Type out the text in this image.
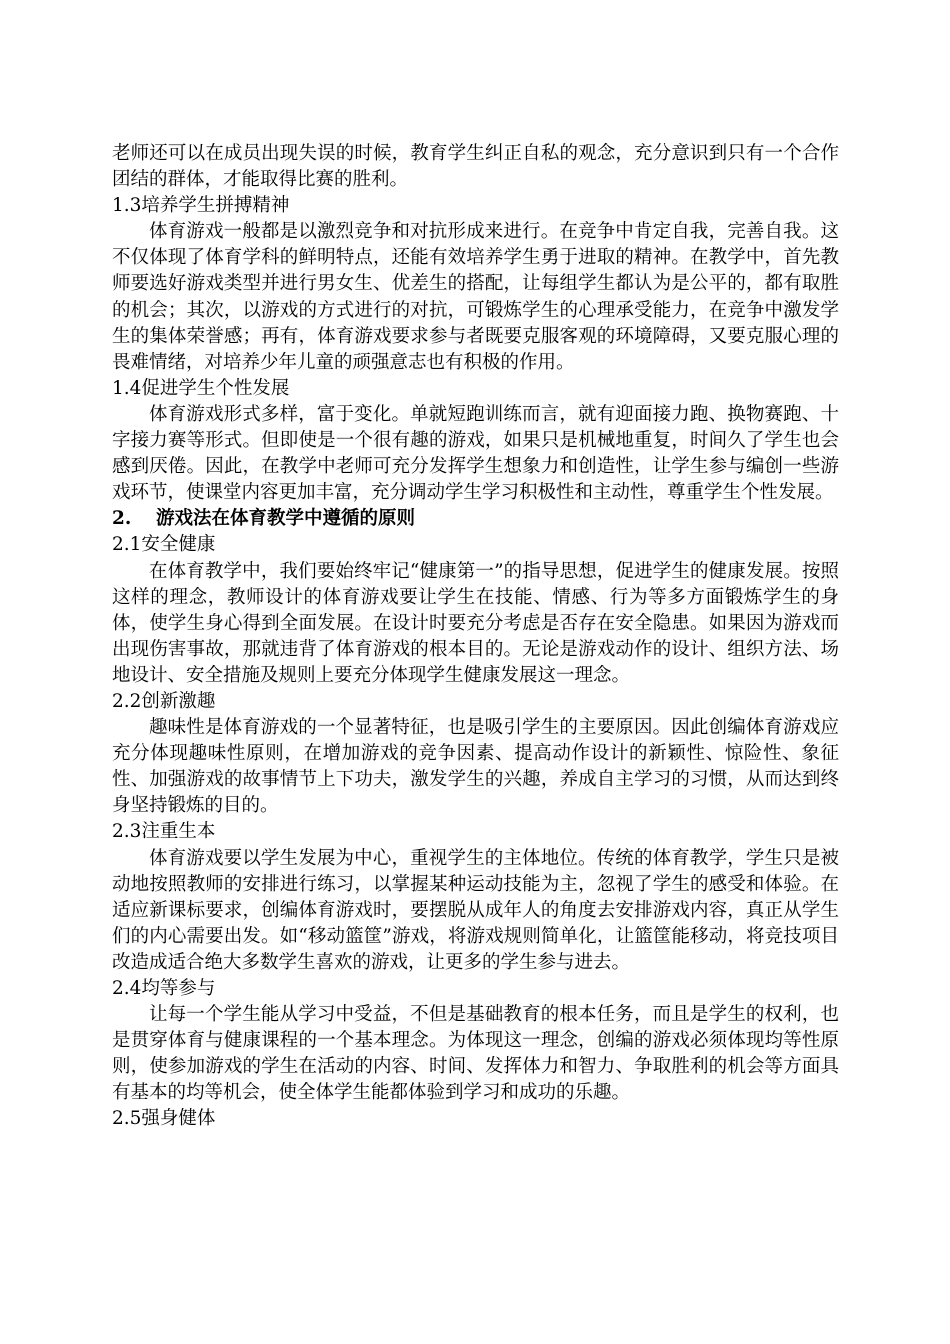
老师还可以在成员出现失误的时候，教育学生纠正自私的观念，充分意识到只有一个合作团结的群体，才能取得比赛的胜利。

1.3培养学生拼搏精神

体育游戏一般都是以激烈竞争和对抗形成来进行。在竞争中肯定自我，完善自我。这不仅体现了体育学科的鲜明特点，还能有效培养学生勇于进取的精神。在教学中，首先教师要选好游戏类型并进行男女生、优差生的搭配，让每组学生都认为是公平的，都有取胜的机会；其次，以游戏的方式进行的对抗，可锻炼学生的心理承受能力，在竞争中激发学生的集体荣誉感；再有，体育游戏要求参与者既要克服客观的环境障碍，又要克服心理的畏难情绪，对培养少年儿童的顽强意志也有积极的作用。

1.4促进学生个性发展

体育游戏形式多样，富于变化。单就短跑训练而言，就有迎面接力跑、换物赛跑、十字接力赛等形式。但即使是一个很有趣的游戏，如果只是机械地重复，时间久了学生也会感到厌倦。因此，在教学中老师可充分发挥学生想象力和创造性，让学生参与编创一些游戏环节，使课堂内容更加丰富，充分调动学生学习积极性和主动性，尊重学生个性发展。

2. 游戏法在体育教学中遵循的原则

2.1安全健康

在体育教学中，我们要始终牢记“健康第一”的指导思想，促进学生的健康发展。按照这样的理念，教师设计的体育游戏要让学生在技能、情感、行为等多方面锻炼学生的身体，使学生身心得到全面发展。在设计时要充分考虑是否存在安全隐患。如果因为游戏而出现伤害事故，那就违背了体育游戏的根本目的。无论是游戏动作的设计、组织方法、场地设计、安全措施及规则上要充分体现学生健康发展这一理念。

2.2创新激趣

趣味性是体育游戏的一个显著特征，也是吸引学生的主要原因。因此创编体育游戏应充分体现趣味性原则，在增加游戏的竞争因素、提高动作设计的新颖性、惊险性、象征性、加强游戏的故事情节上下功夫，激发学生的兴趣，养成自主学习的习惯，从而达到终身坚持锻炼的目的。

2.3注重生本

体育游戏要以学生发展为中心，重视学生的主体地位。传统的体育教学，学生只是被动地按照教师的安排进行练习，以掌握某种运动技能为主，忽视了学生的感受和体验。在适应新课标要求，创编体育游戏时，要摆脱从成年人的角度去安排游戏内容，真正从学生们的内心需要出发。如“移动篮筐”游戏，将游戏规则简单化，让篮筐能移动，将竞技项目改造成适合绝大多数学生喜欢的游戏，让更多的学生参与进去。

2.4均等参与

让每一个学生能从学习中受益，不但是基础教育的根本任务，而且是学生的权利，也是贯穿体育与健康课程的一个基本理念。为体现这一理念，创编的游戏必须体现均等性原则，使参加游戏的学生在活动的内容、时间、发挥体力和智力、争取胜利的机会等方面具有基本的均等机会，使全体学生能都体验到学习和成功的乐趣。

2.5强身健体
